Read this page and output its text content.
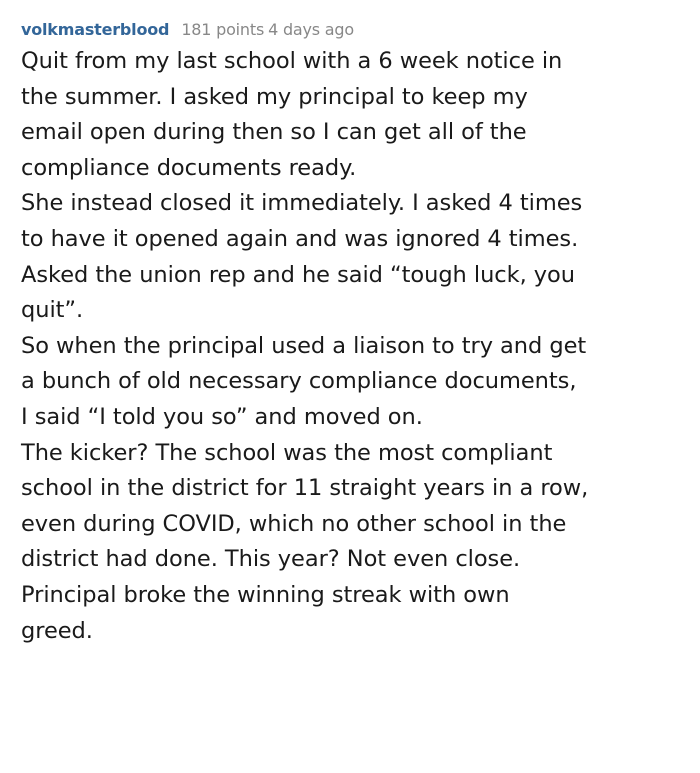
volkmasterblood 181 points 4 days ago
Quit from my last school with a 6 week notice in
the summer. I asked my principal to keep my
email open during then so I can get all of the
compliance documents ready.
She instead closed it immediately. I asked 4 times
to have it opened again and was ignored 4 times.
Asked the union rep and he said “tough luck, you
quit”.
So when the principal used a liaison to try and get
a bunch of old necessary compliance documents,
I said “I told you so” and moved on.
The kicker? The school was the most compliant
school in the district for 11 straight years in a row,
even during COVID, which no other school in the
district had done. This year? Not even close.
Principal broke the winning streak with own
greed.
